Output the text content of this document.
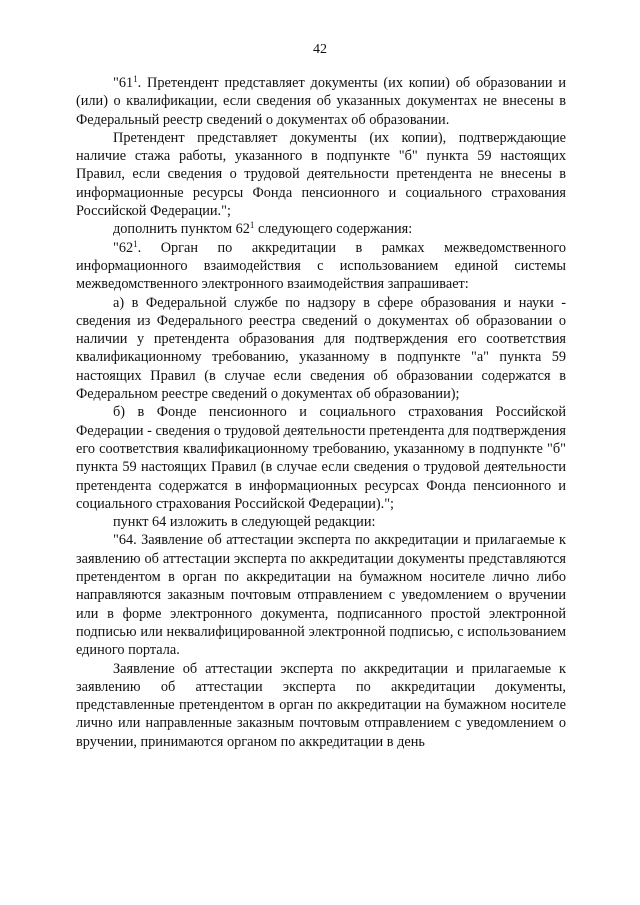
42

"$61^1$. Претендент представляет документы (их копии) об образовании и (или) о квалификации, если сведения об указанных документах не внесены в Федеральный реестр сведений о документах об образовании.

Претендент представляет документы (их копии), подтверждающие наличие стажа работы, указанного в подпункте "б" пункта 59 настоящих Правил, если сведения о трудовой деятельности претендента не внесены в информационные ресурсы Фонда пенсионного и социального страхования Российской Федерации.";

дополнить пунктом $62^1$ следующего содержания:

"$62^1$. Орган по аккредитации в рамках межведомственного информационного взаимодействия с использованием единой системы межведомственного электронного взаимодействия запрашивает:

а) в Федеральной службе по надзору в сфере образования и науки - сведения из Федерального реестра сведений о документах об образовании о наличии у претендента образования для подтверждения его соответствия квалификационному требованию, указанному в подпункте "а" пункта 59 настоящих Правил (в случае если сведения об образовании содержатся в Федеральном реестре сведений о документах об образовании);

б) в Фонде пенсионного и социального страхования Российской Федерации - сведения о трудовой деятельности претендента для подтверждения его соответствия квалификационному требованию, указанному в подпункте "б" пункта 59 настоящих Правил (в случае если сведения о трудовой деятельности претендента содержатся в информационных ресурсах Фонда пенсионного и социального страхования Российской Федерации).";

пункт 64 изложить в следующей редакции:

"64. Заявление об аттестации эксперта по аккредитации и прилагаемые к заявлению об аттестации эксперта по аккредитации документы представляются претендентом в орган по аккредитации на бумажном носителе лично либо направляются заказным почтовым отправлением с уведомлением о вручении или в форме электронного документа, подписанного простой электронной подписью или неквалифицированной электронной подписью, с использованием единого портала.

Заявление об аттестации эксперта по аккредитации и прилагаемые к заявлению об аттестации эксперта по аккредитации документы, представленные претендентом в орган по аккредитации на бумажном носителе лично или направленные заказным почтовым отправлением с уведомлением о вручении, принимаются органом по аккредитации в день
